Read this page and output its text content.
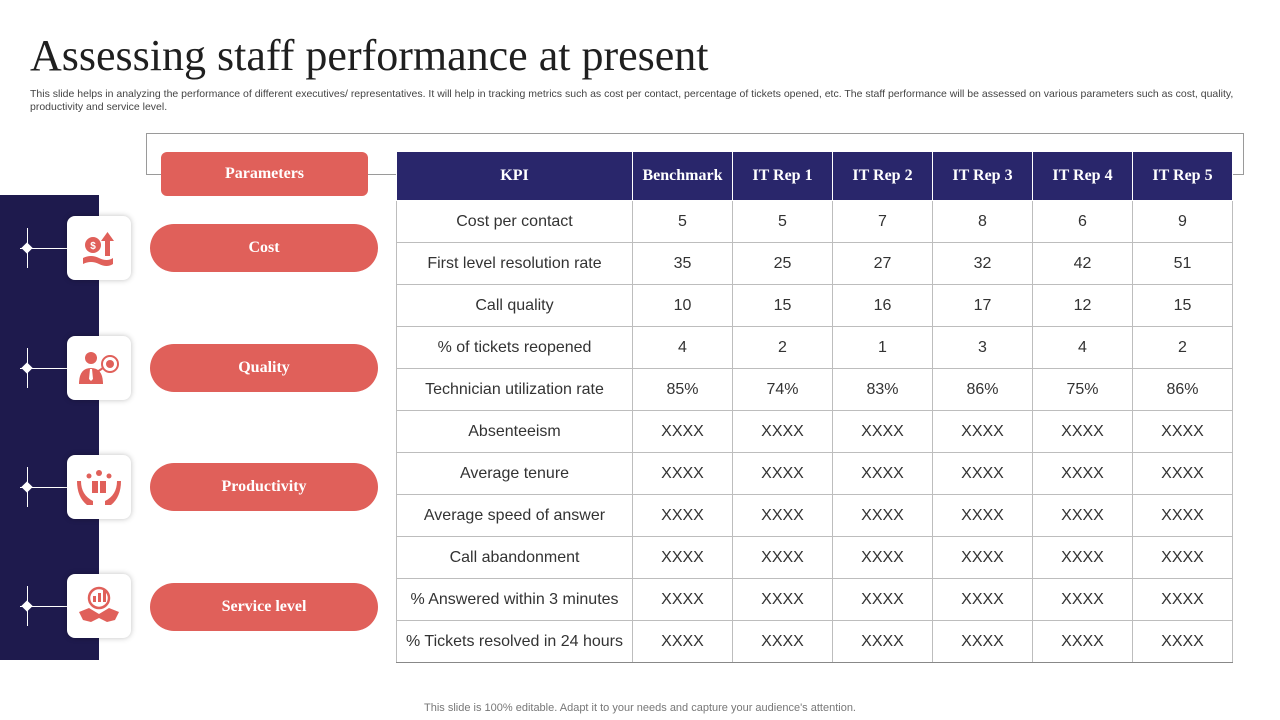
Assessing staff performance at present
This slide helps in analyzing the performance of different executives/ representatives. It will help in tracking metrics such as cost per contact, percentage of tickets opened, etc. The staff performance will be assessed on various parameters such as cost, quality, productivity and service level.
Parameters
$	Cost
Quality
Productivity
Service level
KPI	Benchmark	IT Rep 1	IT Rep 2	IT Rep 3	IT Rep 4	IT Rep 5
Cost per contact	5	5	7	8	6	9
First level resolution rate	35	25	27	32	42	51
Call quality	10	15	16	17	12	15
% of tickets reopened	4	2	1	3	4	2
Technician utilization rate	85%	74%	83%	86%	75%	86%
Absenteeism	XXXX	XXXX	XXXX	XXXX	XXXX	XXXX
Average tenure	XXXX	XXXX	XXXX	XXXX	XXXX	XXXX
Average speed of answer	XXXX	XXXX	XXXX	XXXX	XXXX	XXXX
Call abandonment	XXXX	XXXX	XXXX	XXXX	XXXX	XXXX
% Answered within 3 minutes	XXXX	XXXX	XXXX	XXXX	XXXX	XXXX
% Tickets resolved in 24 hours	XXXX	XXXX	XXXX	XXXX	XXXX	XXXX
This slide is 100% editable. Adapt it to your needs and capture your audience's attention.
